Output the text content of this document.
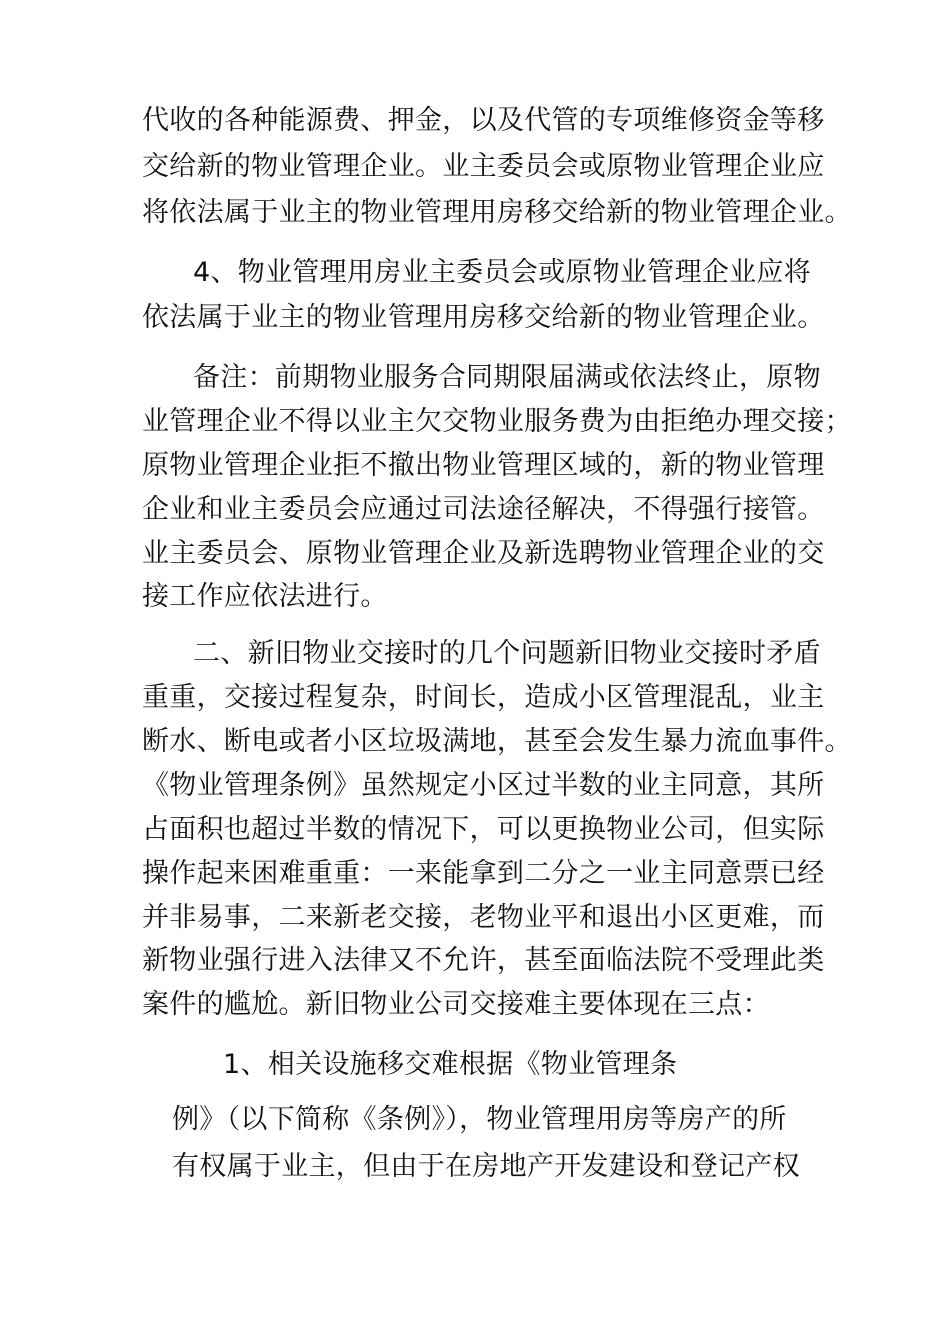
代收的各种能源费、押金，以及代管的专项维修资金等移
交给新的物业管理企业。业主委员会或原物业管理企业应
将依法属于业主的物业管理用房移交给新的物业管理企业。
4、物业管理用房业主委员会或原物业管理企业应将
依法属于业主的物业管理用房移交给新的物业管理企业。
备注：前期物业服务合同期限届满或依法终止，原物
业管理企业不得以业主欠交物业服务费为由拒绝办理交接；
原物业管理企业拒不撤出物业管理区域的，新的物业管理
企业和业主委员会应通过司法途径解决，不得强行接管。
业主委员会、原物业管理企业及新选聘物业管理企业的交
接工作应依法进行。
二、新旧物业交接时的几个问题新旧物业交接时矛盾
重重，交接过程复杂，时间长，造成小区管理混乱，业主
断水、断电或者小区垃圾满地，甚至会发生暴力流血事件。
《物业管理条例》虽然规定小区过半数的业主同意，其所
占面积也超过半数的情况下，可以更换物业公司，但实际
操作起来困难重重：一来能拿到二分之一业主同意票已经
并非易事，二来新老交接，老物业平和退出小区更难，而
新物业强行进入法律又不允许，甚至面临法院不受理此类
案件的尴尬。新旧物业公司交接难主要体现在三点：
1、相关设施移交难根据《物业管理条
例》（以下简称《条例》），物业管理用房等房产的所
有权属于业主，但由于在房地产开发建设和登记产权
